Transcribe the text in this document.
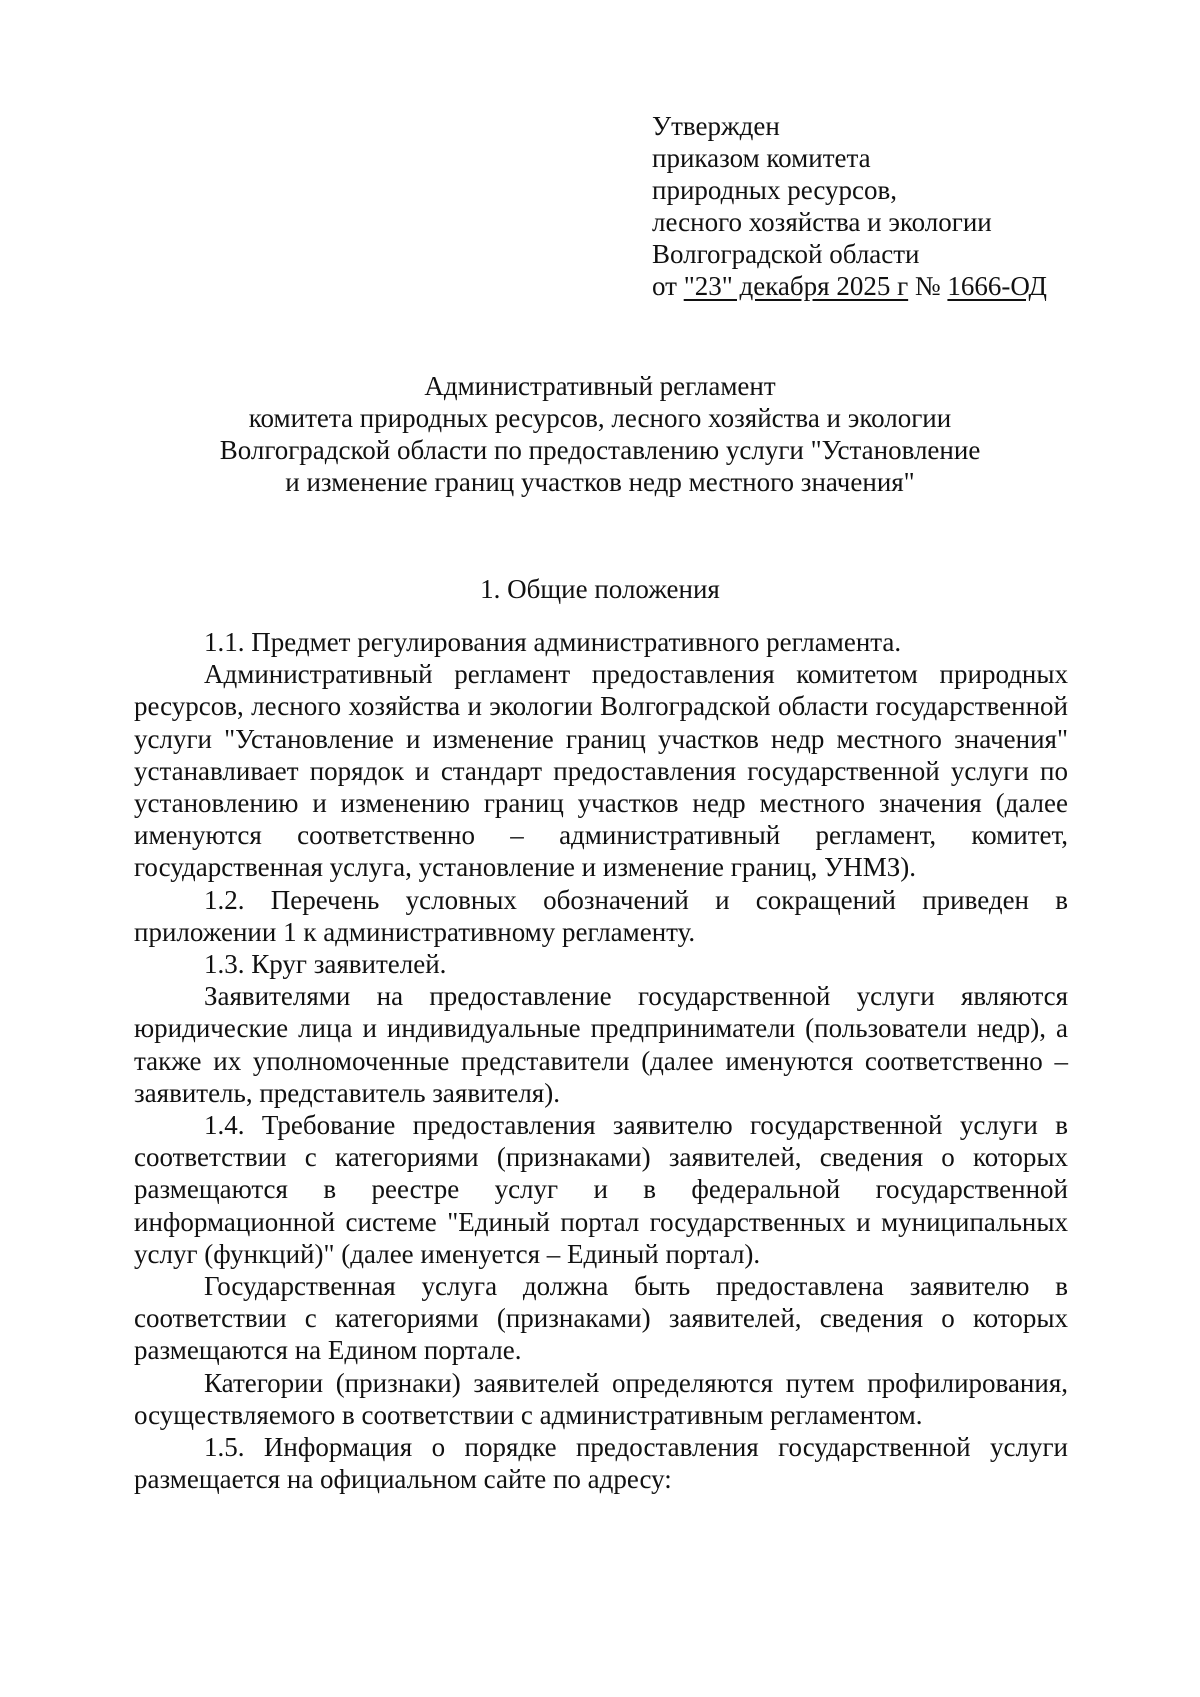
Утвержден
приказом комитета
природных ресурсов,
лесного хозяйства и экологии
Волгоградской области
от "23" декабря 2025 г № 1666-ОД
Административный регламент
комитета природных ресурсов, лесного хозяйства и экологии
Волгоградской области по предоставлению услуги "Установление
и изменение границ участков недр местного значения"
1. Общие положения

1.1. Предмет регулирования административного регламента.

Административный регламент предоставления комитетом природных ресурсов, лесного хозяйства и экологии Волгоградской области государственной услуги "Установление и изменение границ участков недр местного значения" устанавливает порядок и стандарт предоставления государственной услуги по установлению и изменению границ участков недр местного значения (далее именуются соответственно – административный регламент, комитет, государственная услуга, установление и изменение границ, УНМЗ).

1.2. Перечень условных обозначений и сокращений приведен в приложении 1 к административному регламенту.

1.3. Круг заявителей.

Заявителями на предоставление государственной услуги являются юридические лица и индивидуальные предприниматели (пользователи недр), а также их уполномоченные представители (далее именуются соответственно – заявитель, представитель заявителя).

1.4. Требование предоставления заявителю государственной услуги в соответствии с категориями (признаками) заявителей, сведения о которых размещаются в реестре услуг и в федеральной государственной информационной системе "Единый портал государственных и муниципальных услуг (функций)" (далее именуется – Единый портал).

Государственная услуга должна быть предоставлена заявителю в соответствии с категориями (признаками) заявителей, сведения о которых размещаются на Едином портале.

Категории (признаки) заявителей определяются путем профилирования, осуществляемого в соответствии с административным регламентом.

1.5. Информация о порядке предоставления государственной услуги размещается на официальном сайте по адресу:
